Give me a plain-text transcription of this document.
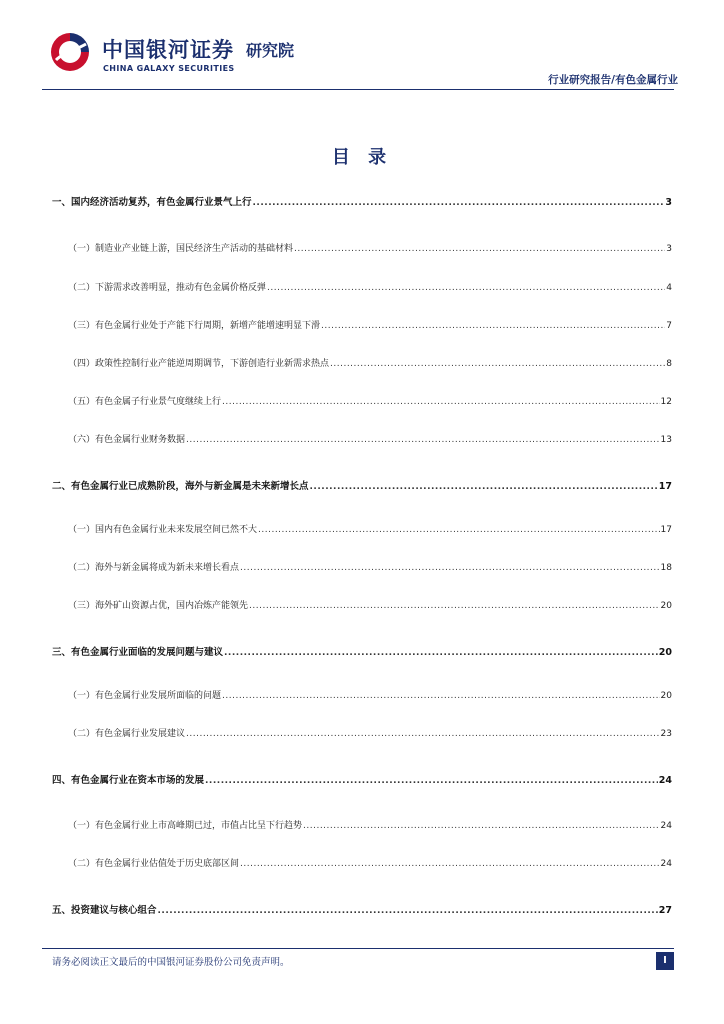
中国银河证券
CHINA GALAXY SECURITIES
研究院
行业研究报告/有色金属行业
目 录
一、国内经济活动复苏，有色金属行业景气上行 .....	3
（一）制造业产业链上游，国民经济生产活动的基础材料 .....	3
（二）下游需求改善明显，推动有色金属价格反弹 .....	4
（三）有色金属行业处于产能下行周期，新增产能增速明显下滑 .....	7
（四）政策性控制行业产能逆周期调节，下游创造行业新需求热点 .....	8
（五）有色金属子行业景气度继续上行 .....	12
（六）有色金属行业财务数据 .....	13
二、有色金属行业已成熟阶段，海外与新金属是未来新增长点 .....	17
（一）国内有色金属行业未来发展空间已然不大 .....	17
（二）海外与新金属将成为新未来增长看点 .....	18
（三）海外矿山资源占优，国内冶炼产能领先 .....	20
三、有色金属行业面临的发展问题与建议 .....	20
（一）有色金属行业发展所面临的问题 .....	20
（二）有色金属行业发展建议 .....	23
四、有色金属行业在资本市场的发展 .....	24
（一）有色金属行业上市高峰期已过，市值占比呈下行趋势 .....	24
（二）有色金属行业估值处于历史底部区间 .....	24
五、投资建议与核心组合 .....	27
请务必阅读正文最后的中国银河证券股份公司免责声明。	I
